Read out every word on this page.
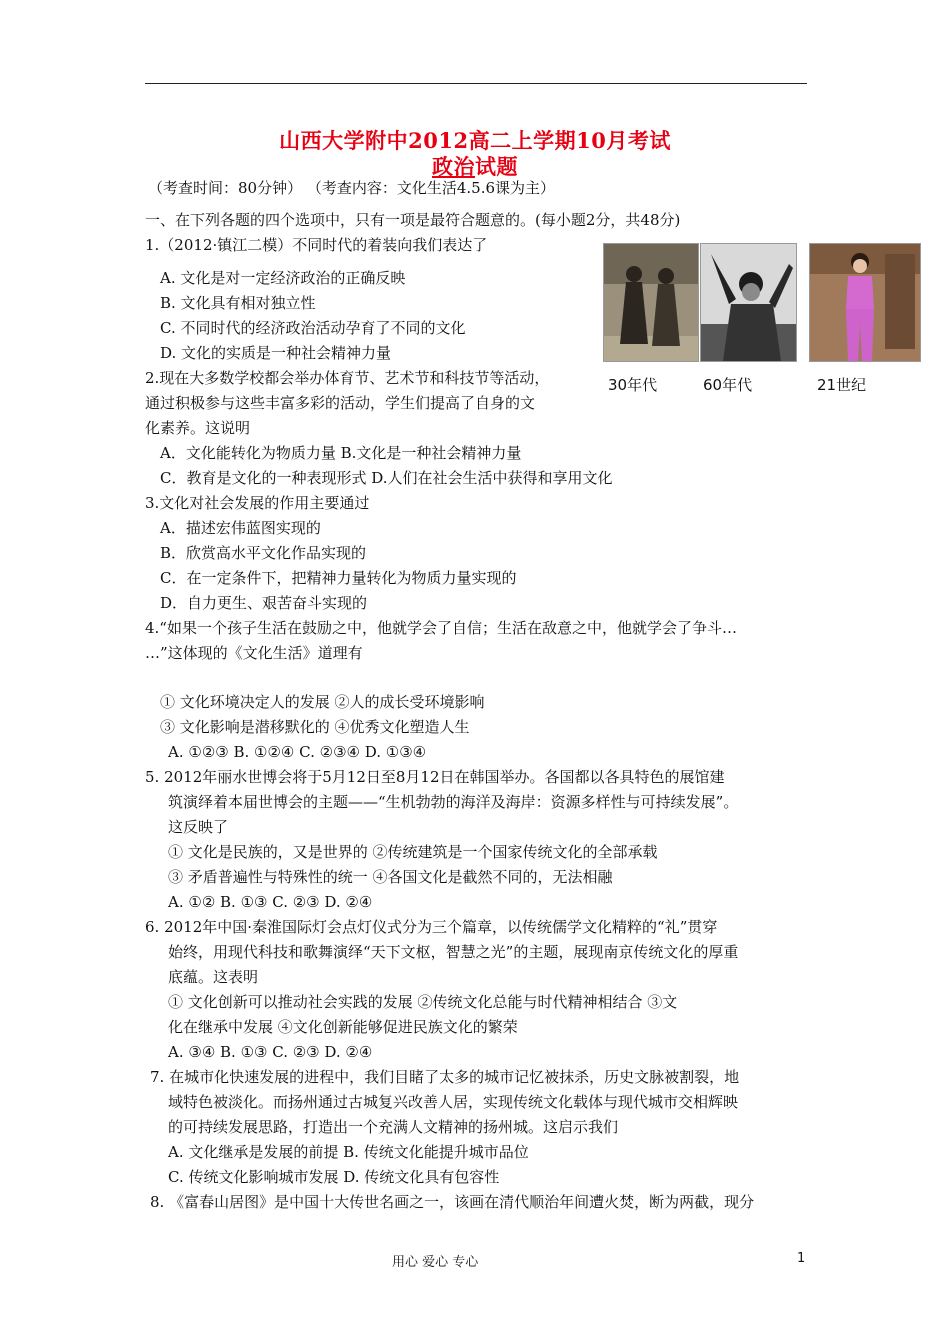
山西大学附中2012高二上学期10月考试
政治试题
（考查时间：80分钟） （考查内容：文化生活4.5.6课为主）
一、在下列各题的四个选项中，只有一项是最符合题意的。(每小题2分，共48分)
1.（2012·镇江二模）不同时代的着装向我们表达了
A. 文化是对一定经济政治的正确反映
B. 文化具有相对独立性
C. 不同时代的经济政治活动孕育了不同的文化
D. 文化的实质是一种社会精神力量
30年代	60年代	21世纪
2.现在大多数学校都会举办体育节、艺术节和科技节等活动，
通过积极参与这些丰富多彩的活动，学生们提高了自身的文
化素养。这说明
A．文化能转化为物质力量 B.文化是一种社会精神力量
C．教育是文化的一种表现形式 D.人们在社会生活中获得和享用文化
3.文化对社会发展的作用主要通过
A．描述宏伟蓝图实现的
B．欣赏高水平文化作品实现的
C．在一定条件下，把精神力量转化为物质力量实现的
D．自力更生、艰苦奋斗实现的
4.“如果一个孩子生活在鼓励之中，他就学会了自信；生活在敌意之中，他就学会了争斗…
…”这体现的《文化生活》道理有
① 文化环境决定人的发展 ②人的成长受环境影响
③ 文化影响是潜移默化的 ④优秀文化塑造人生
A. ①②③ B. ①②④ C. ②③④ D. ①③④
5. 2012年丽水世博会将于5月12日至8月12日在韩国举办。各国都以各具特色的展馆建
筑演绎着本届世博会的主题——“生机勃勃的海洋及海岸：资源多样性与可持续发展”。
这反映了
① 文化是民族的，又是世界的 ②传统建筑是一个国家传统文化的全部承载
③ 矛盾普遍性与特殊性的统一 ④各国文化是截然不同的，无法相融
A. ①② B. ①③ C. ②③ D. ②④
6. 2012年中国·秦淮国际灯会点灯仪式分为三个篇章，以传统儒学文化精粹的“礼”贯穿
始终，用现代科技和歌舞演绎“天下文枢，智慧之光”的主题，展现南京传统文化的厚重
底蕴。这表明
① 文化创新可以推动社会实践的发展 ②传统文化总能与时代精神相结合 ③文
化在继承中发展 ④文化创新能够促进民族文化的繁荣
A. ③④ B. ①③ C. ②③ D. ②④
7. 在城市化快速发展的进程中，我们目睹了太多的城市记忆被抹杀，历史文脉被割裂，地
域特色被淡化。而扬州通过古城复兴改善人居，实现传统文化载体与现代城市交相辉映
的可持续发展思路，打造出一个充满人文精神的扬州城。这启示我们
A. 文化继承是发展的前提 B. 传统文化能提升城市品位
C. 传统文化影响城市发展 D. 传统文化具有包容性
8. 《富春山居图》是中国十大传世名画之一，该画在清代顺治年间遭火焚，断为两截，现分
用心 爱心 专心	1
